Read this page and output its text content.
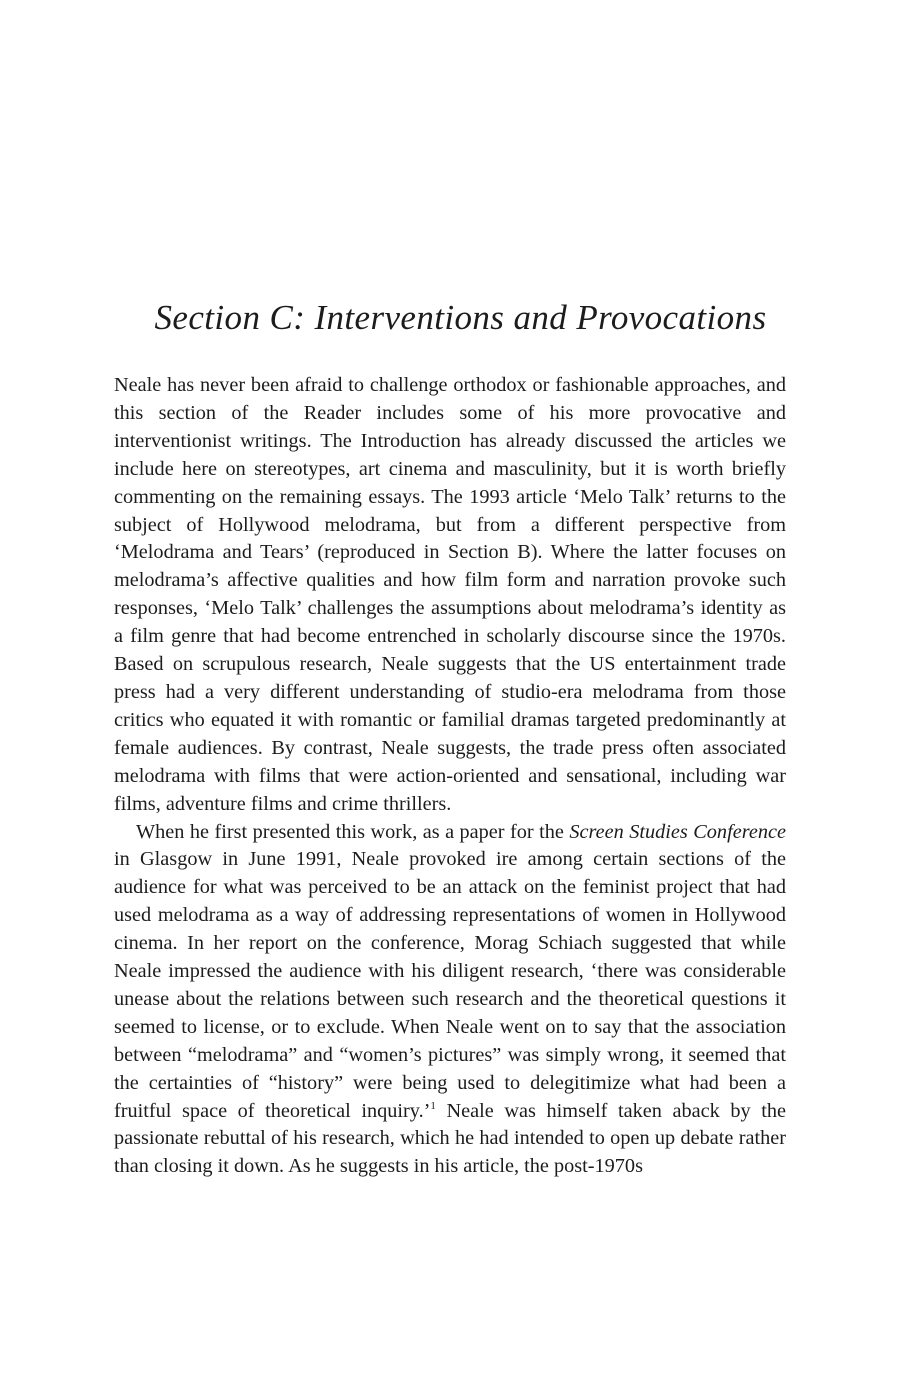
Section C: Interventions and Provocations

Neale has never been afraid to challenge orthodox or fashionable approaches, and this section of the Reader includes some of his more provocative and interventionist writings. The Introduction has already discussed the articles we include here on stereotypes, art cinema and masculinity, but it is worth briefly commenting on the remaining essays. The 1993 article ‘Melo Talk’ returns to the subject of Hollywood melodrama, but from a different perspective from ‘Melodrama and Tears’ (reproduced in Section B). Where the latter focuses on melodrama’s affective qualities and how film form and narration provoke such responses, ‘Melo Talk’ challenges the assumptions about melodrama’s identity as a film genre that had become entrenched in scholarly discourse since the 1970s. Based on scrupulous research, Neale suggests that the US entertainment trade press had a very different understanding of studio-era melodrama from those critics who equated it with romantic or familial dramas targeted predominantly at female audiences. By contrast, Neale suggests, the trade press often associated melodrama with films that were action-oriented and sensational, including war films, adventure films and crime thrillers.

When he first presented this work, as a paper for the Screen Studies Conference in Glasgow in June 1991, Neale provoked ire among certain sections of the audience for what was perceived to be an attack on the feminist project that had used melodrama as a way of addressing representations of women in Hollywood cinema. In her report on the conference, Morag Schiach suggested that while Neale impressed the audience with his diligent research, ‘there was considerable unease about the relations between such research and the theoretical questions it seemed to license, or to exclude. When Neale went on to say that the association between “melodrama” and “women’s pictures” was simply wrong, it seemed that the certainties of “history” were being used to delegitimize what had been a fruitful space of theoretical inquiry.’$^1$ Neale was himself taken aback by the passionate rebuttal of his research, which he had intended to open up debate rather than closing it down. As he suggests in his article, the post-1970s
